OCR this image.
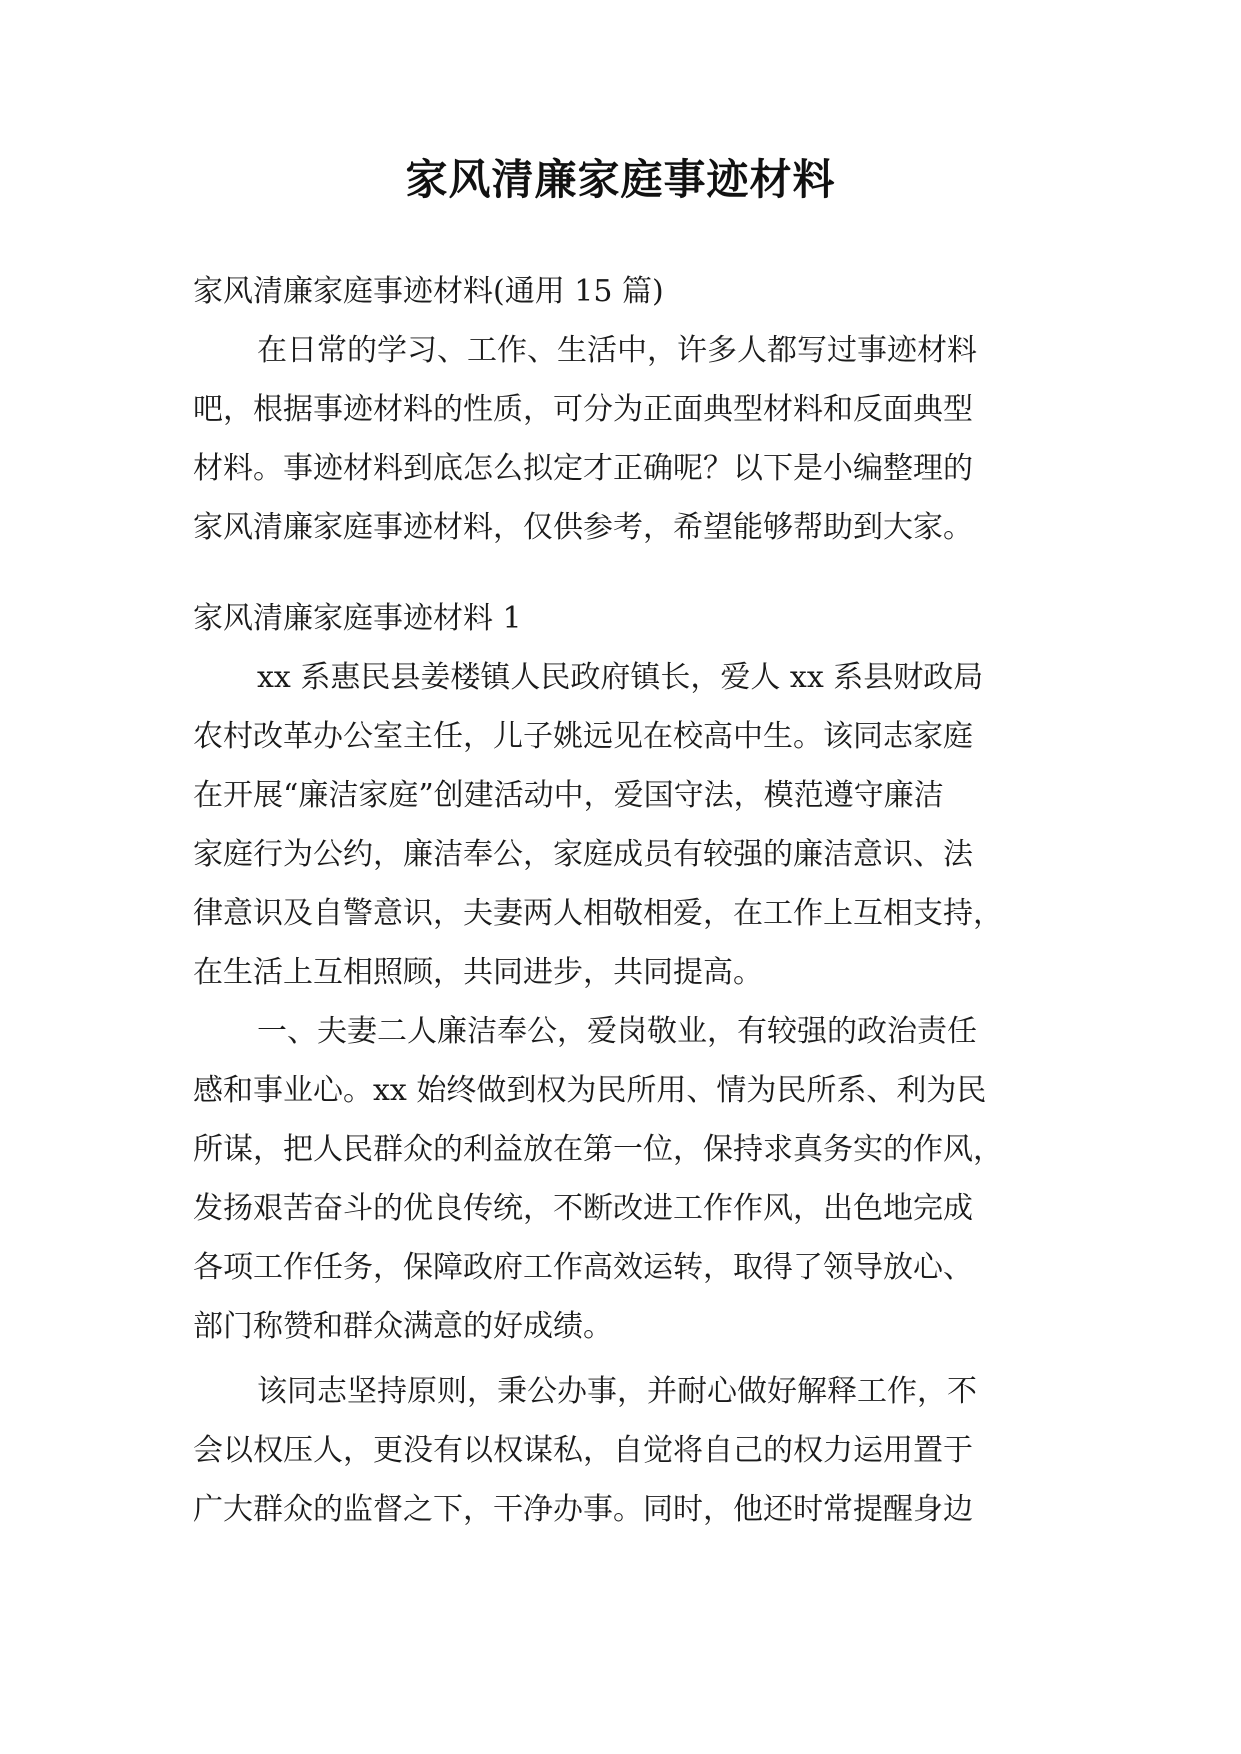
家风清廉家庭事迹材料
家风清廉家庭事迹材料(通用 15 篇)
在日常的学习、工作、生活中，许多人都写过事迹材料
吧，根据事迹材料的性质，可分为正面典型材料和反面典型
材料。事迹材料到底怎么拟定才正确呢？以下是小编整理的
家风清廉家庭事迹材料，仅供参考，希望能够帮助到大家。
家风清廉家庭事迹材料 1
xx 系惠民县姜楼镇人民政府镇长，爱人 xx 系县财政局
农村改革办公室主任，儿子姚远见在校高中生。该同志家庭
在开展“廉洁家庭”创建活动中，爱国守法，模范遵守廉洁
家庭行为公约，廉洁奉公，家庭成员有较强的廉洁意识、法
律意识及自警意识，夫妻两人相敬相爱，在工作上互相支持，
在生活上互相照顾，共同进步，共同提高。
一、夫妻二人廉洁奉公，爱岗敬业，有较强的政治责任
感和事业心。xx 始终做到权为民所用、情为民所系、利为民
所谋，把人民群众的利益放在第一位，保持求真务实的作风，
发扬艰苦奋斗的优良传统，不断改进工作作风，出色地完成
各项工作任务，保障政府工作高效运转，取得了领导放心、
部门称赞和群众满意的好成绩。
该同志坚持原则，秉公办事，并耐心做好解释工作，不
会以权压人，更没有以权谋私，自觉将自己的权力运用置于
广大群众的监督之下，干净办事。同时，他还时常提醒身边
